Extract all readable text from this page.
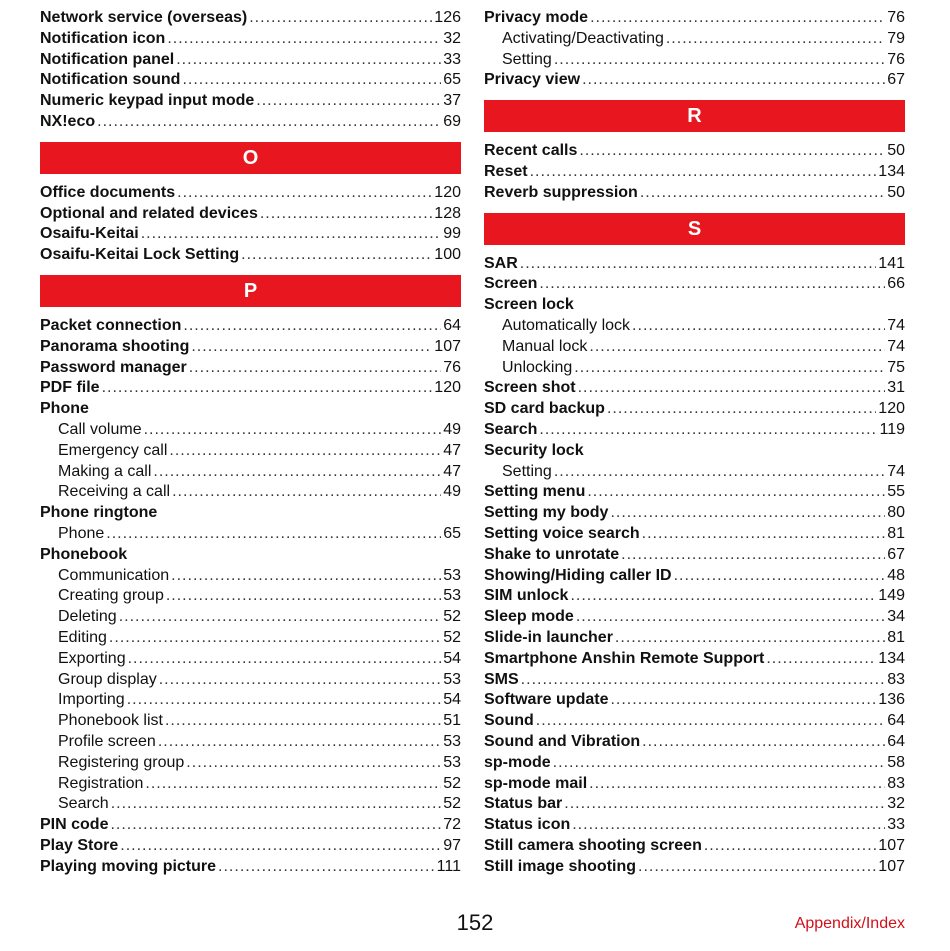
Network service (overseas) .....	126
Notification icon .....	32
Notification panel .....	33
Notification sound .....	65
Numeric keypad input mode .....	37
NX!eco .....	69
O
Office documents .....	120
Optional and related devices .....	128
Osaifu-Keitai .....	99
Osaifu-Keitai Lock Setting .....	100
P
Packet connection .....	64
Panorama shooting .....	107
Password manager .....	76
PDF file .....	120
Phone
Call volume .....	49
Emergency call .....	47
Making a call .....	47
Receiving a call .....	49
Phone ringtone
Phone .....	65
Phonebook
Communication .....	53
Creating group .....	53
Deleting .....	52
Editing .....	52
Exporting .....	54
Group display .....	53
Importing .....	54
Phonebook list .....	51
Profile screen .....	53
Registering group .....	53
Registration .....	52
Search .....	52
PIN code .....	72
Play Store .....	97
Playing moving picture .....	111
Privacy mode .....	76
Activating/Deactivating .....	79
Setting .....	76
Privacy view .....	67
R
Recent calls .....	50
Reset .....	134
Reverb suppression .....	50
S
SAR .....	141
Screen .....	66
Screen lock
Automatically lock .....	74
Manual lock .....	74
Unlocking .....	75
Screen shot .....	31
SD card backup .....	120
Search .....	119
Security lock
Setting .....	74
Setting menu .....	55
Setting my body .....	80
Setting voice search .....	81
Shake to unrotate .....	67
Showing/Hiding caller ID .....	48
SIM unlock .....	149
Sleep mode .....	34
Slide-in launcher .....	81
Smartphone Anshin Remote Support .....	134
SMS .....	83
Software update .....	136
Sound .....	64
Sound and Vibration .....	64
sp-mode .....	58
sp-mode mail .....	83
Status bar .....	32
Status icon .....	33
Still camera shooting screen .....	107
Still image shooting .....	107
152	Appendix/Index
